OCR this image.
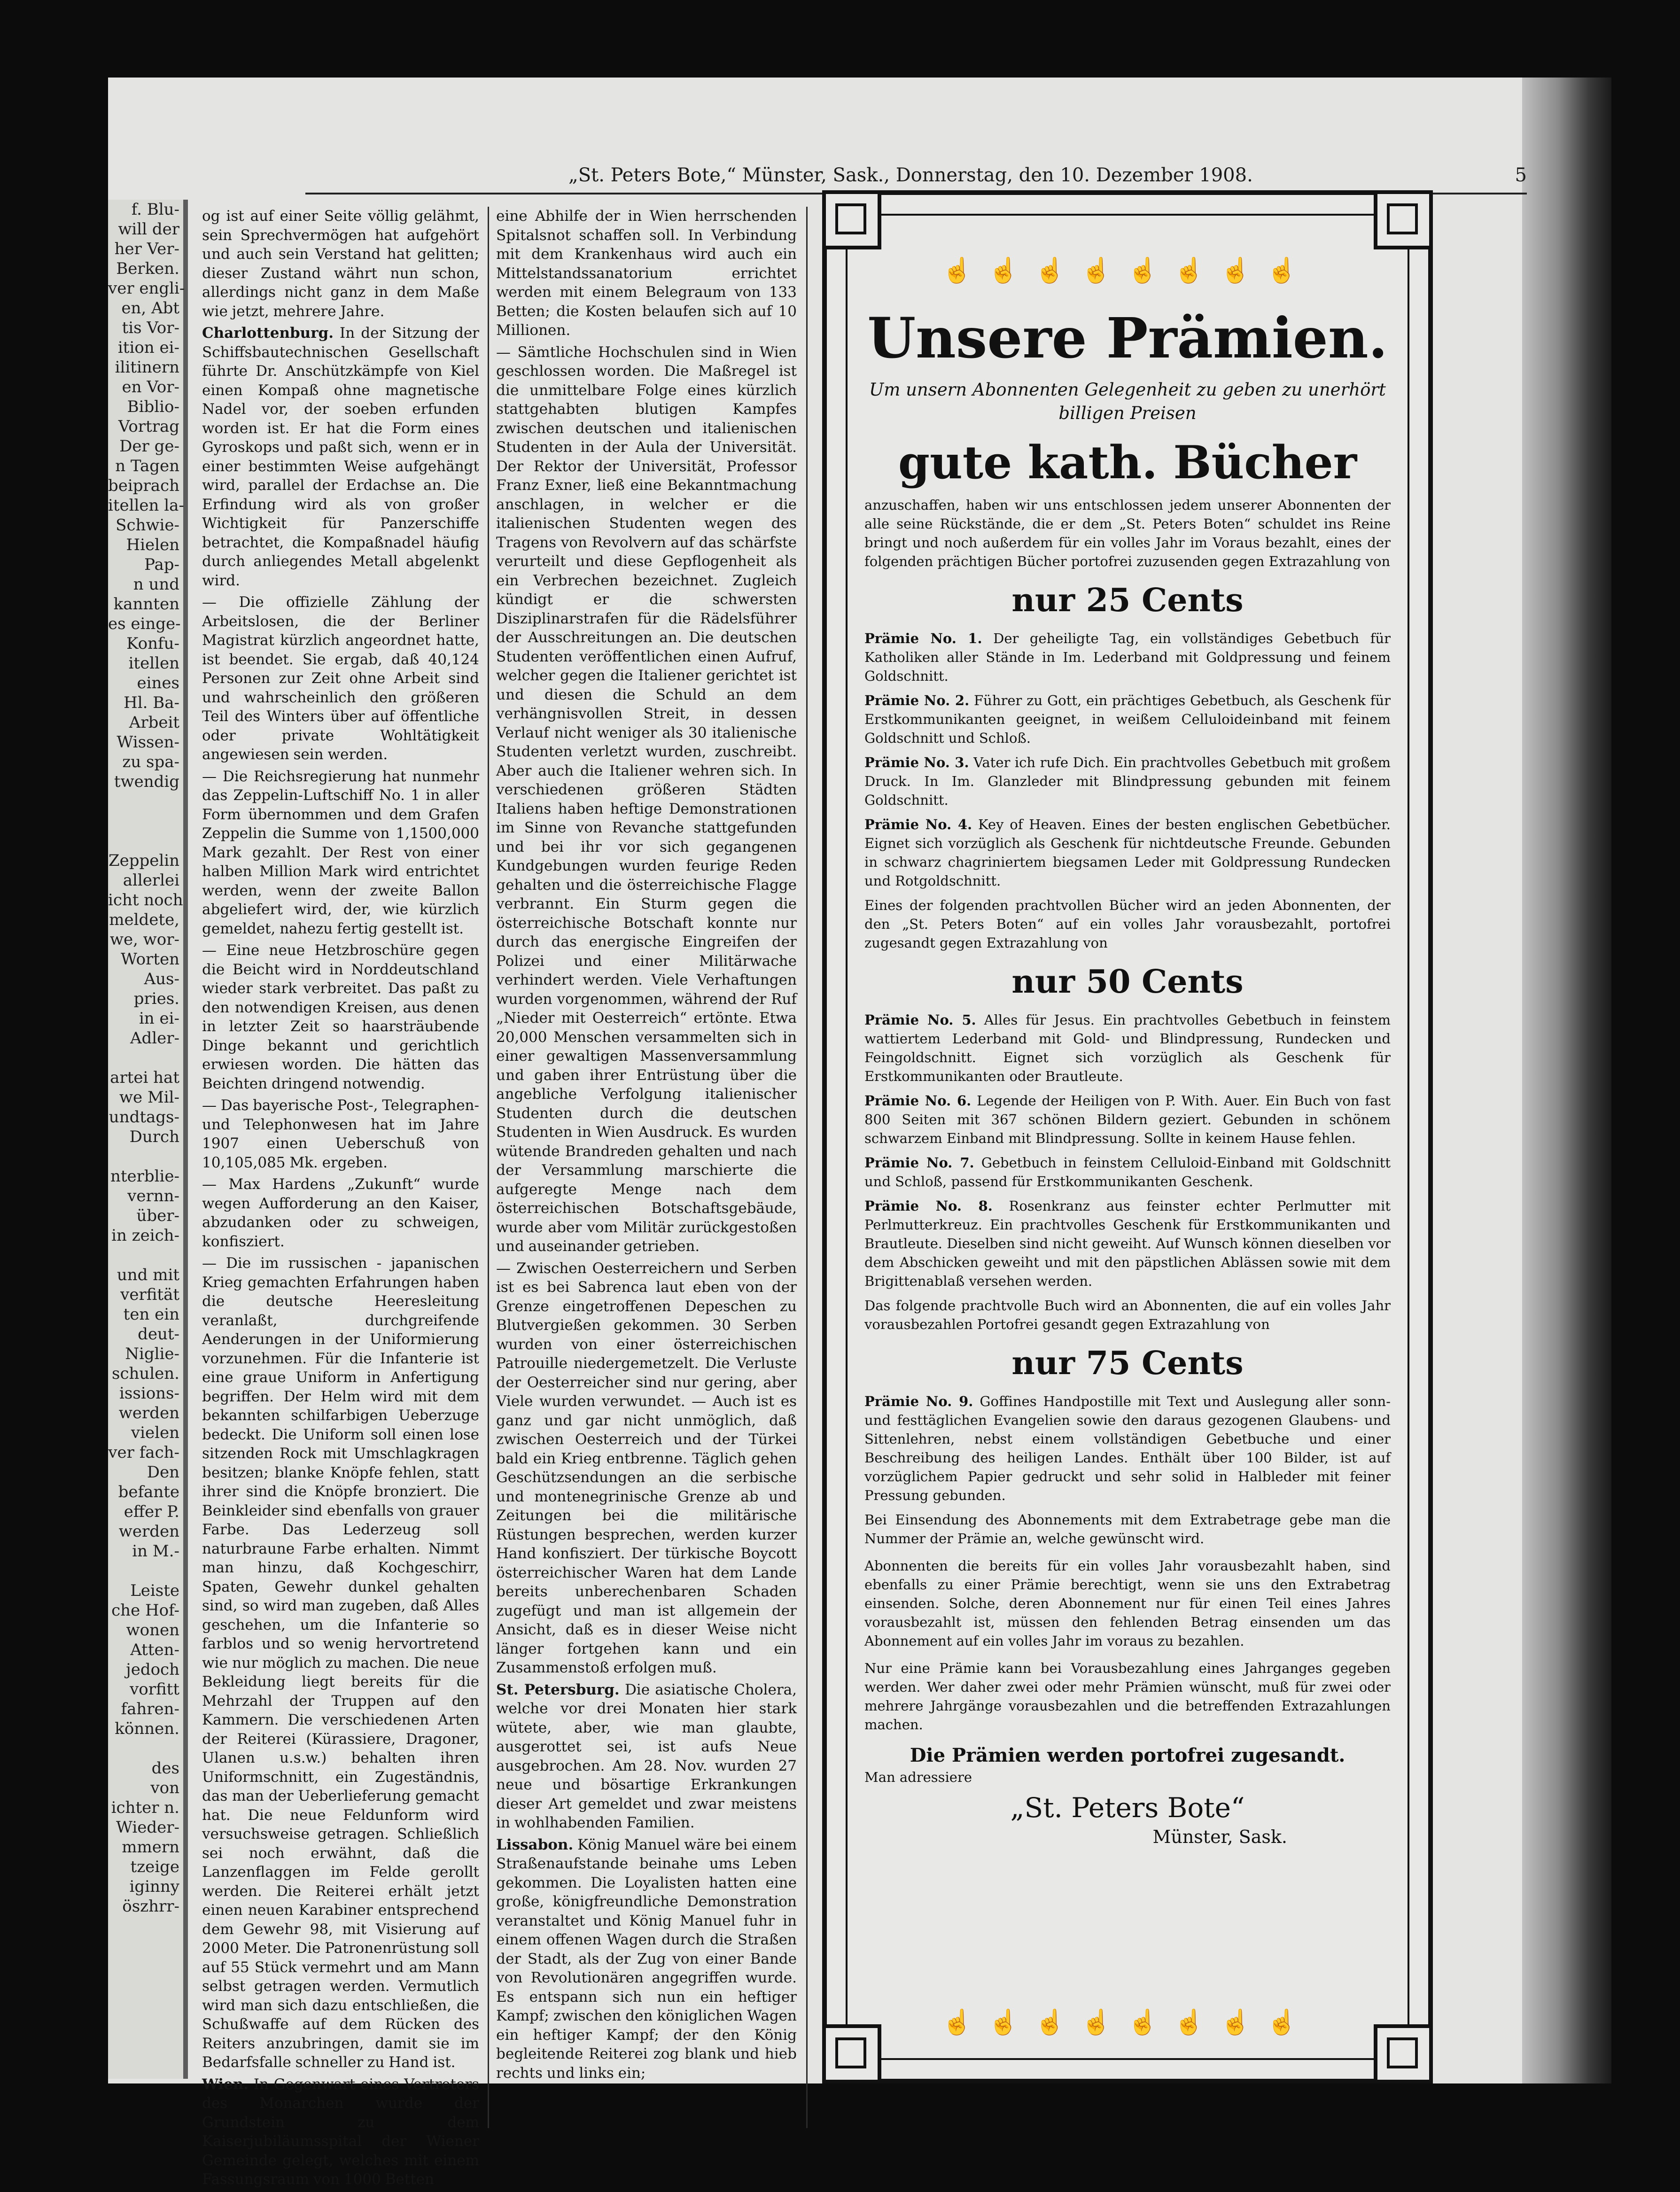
f. Blu-
will der
her Ver-
Berken.
ver engli-
en, Abt
tis Vor-
ition ei-
ilitinern
en Vor-
Biblio-
Vortrag
Der ge-
n Tagen
beiprach
itellen la-
Schwie-
Hielen
Pap-
n und
kannten
es einge-
Konfu-
itellen
eines
Hl. Ba-
Arbeit
Wissen-
zu spa-
twendig

Zeppelin
allerlei
icht noch
meldete,
we, wor-
Worten
Aus-
pries.
in ei-
Adler-

artei hat
we Mil-
undtags-
Durch

nterblie-
vernn-
über-
in zeich-

und mit
verfität
ten ein
deut-
Niglie-
schulen.
issions-
werden
vielen
ver fach-
Den
befante
effer P.
werden
in M.-

Leiste
che Hof-
wonen
Atten-
jedoch
vorfitt
fahren-
können.

des
von
ichter n.
Wieder-
mmern
tzeige
iginny
öszhrr-
„St. Peters Bote,“ Münster, Sask., Donnerstag, den 10. Dezember 1908.	5

og ist auf einer Seite völlig gelähmt, sein Sprechvermögen hat aufgehört und auch sein Verstand hat gelitten; dieser Zustand währt nun schon, allerdings nicht ganz in dem Maße wie jetzt, mehrere Jahre.

Charlottenburg. In der Sitzung der Schiffsbautechnischen Gesellschaft führte Dr. Anschützkämpfe von Kiel einen Kompaß ohne magnetische Nadel vor, der soeben erfunden worden ist. Er hat die Form eines Gyroskops und paßt sich, wenn er in einer bestimmten Weise aufgehängt wird, parallel der Erdachse an. Die Erfindung wird als von großer Wichtigkeit für Panzerschiffe betrachtet, die Kompaßnadel häufig durch anliegendes Metall abgelenkt wird.

— Die offizielle Zählung der Arbeitslosen, die der Berliner Magistrat kürzlich angeordnet hatte, ist beendet. Sie ergab, daß 40,124 Personen zur Zeit ohne Arbeit sind und wahrscheinlich den größeren Teil des Winters über auf öffentliche oder private Wohltätigkeit angewiesen sein werden.

— Die Reichsregierung hat nunmehr das Zeppelin-Luftschiff No. 1 in aller Form übernommen und dem Grafen Zeppelin die Summe von 1,1500,000 Mark gezahlt. Der Rest von einer halben Million Mark wird entrichtet werden, wenn der zweite Ballon abgeliefert wird, der, wie kürzlich gemeldet, nahezu fertig gestellt ist.

— Eine neue Hetzbroschüre gegen die Beicht wird in Norddeutschland wieder stark verbreitet. Das paßt zu den notwendigen Kreisen, aus denen in letzter Zeit so haarsträubende Dinge bekannt und gerichtlich erwiesen worden. Die hätten das Beichten dringend notwendig.

— Das bayerische Post-, Telegraphen- und Telephonwesen hat im Jahre 1907 einen Ueberschuß von 10,105,085 Mk. ergeben.

— Max Hardens „Zukunft“ wurde wegen Aufforderung an den Kaiser, abzudanken oder zu schweigen, konfisziert.

— Die im russischen - japanischen Krieg gemachten Erfahrungen haben die deutsche Heeresleitung veranlaßt, durchgreifende Aenderungen in der Uniformierung vorzunehmen. Für die Infanterie ist eine graue Uniform in Anfertigung begriffen. Der Helm wird mit dem bekannten schilfarbigen Ueberzuge bedeckt. Die Uniform soll einen lose sitzenden Rock mit Umschlagkragen besitzen; blanke Knöpfe fehlen, statt ihrer sind die Knöpfe bronziert. Die Beinkleider sind ebenfalls von grauer Farbe. Das Lederzeug soll naturbraune Farbe erhalten. Nimmt man hinzu, daß Kochgeschirr, Spaten, Gewehr dunkel gehalten sind, so wird man zugeben, daß Alles geschehen, um die Infanterie so farblos und so wenig hervortretend wie nur möglich zu machen. Die neue Bekleidung liegt bereits für die Mehrzahl der Truppen auf den Kammern. Die verschiedenen Arten der Reiterei (Kürassiere, Dragoner, Ulanen u.s.w.) behalten ihren Uniformschnitt, ein Zugeständnis, das man der Ueberlieferung gemacht hat. Die neue Feldunform wird versuchsweise getragen. Schließlich sei noch erwähnt, daß die Lanzenflaggen im Felde gerollt werden. Die Reiterei erhält jetzt einen neuen Karabiner entsprechend dem Gewehr 98, mit Visierung auf 2000 Meter. Die Patronenrüstung soll auf 55 Stück vermehrt und am Mann selbst getragen werden. Vermutlich wird man sich dazu entschließen, die Schußwaffe auf dem Rücken des Reiters anzubringen, damit sie im Bedarfsfalle schneller zu Hand ist.

Wien. In Gegenwart eines Vertreters des Monarchen wurde der Grundstein zu dem Kaiserjubiläumsspital der Wiener Gemeinde gelegt, welches mit einem Fassungsraum von 1000 Betten

eine Abhilfe der in Wien herrschenden Spitalsnot schaffen soll. In Verbindung mit dem Krankenhaus wird auch ein Mittelstandssanatorium errichtet werden mit einem Belegraum von 133 Betten; die Kosten belaufen sich auf 10 Millionen.

— Sämtliche Hochschulen sind in Wien geschlossen worden. Die Maßregel ist die unmittelbare Folge eines kürzlich stattgehabten blutigen Kampfes zwischen deutschen und italienischen Studenten in der Aula der Universität. Der Rektor der Universität, Professor Franz Exner, ließ eine Bekanntmachung anschlagen, in welcher er die italienischen Studenten wegen des Tragens von Revolvern auf das schärfste verurteilt und diese Gepflogenheit als ein Verbrechen bezeichnet. Zugleich kündigt er die schwersten Disziplinarstrafen für die Rädelsführer der Ausschreitungen an. Die deutschen Studenten veröffentlichen einen Aufruf, welcher gegen die Italiener gerichtet ist und diesen die Schuld an dem verhängnisvollen Streit, in dessen Verlauf nicht weniger als 30 italienische Studenten verletzt wurden, zuschreibt. Aber auch die Italiener wehren sich. In verschiedenen größeren Städten Italiens haben heftige Demonstrationen im Sinne von Revanche stattgefunden und bei ihr vor sich gegangenen Kundgebungen wurden feurige Reden gehalten und die österreichische Flagge verbrannt. Ein Sturm gegen die österreichische Botschaft konnte nur durch das energische Eingreifen der Polizei und einer Militärwache verhindert werden. Viele Verhaftungen wurden vorgenommen, während der Ruf „Nieder mit Oesterreich“ ertönte. Etwa 20,000 Menschen versammelten sich in einer gewaltigen Massenversammlung und gaben ihrer Entrüstung über die angebliche Verfolgung italienischer Studenten durch die deutschen Studenten in Wien Ausdruck. Es wurden wütende Brandreden gehalten und nach der Versammlung marschierte die aufgeregte Menge nach dem österreichischen Botschaftsgebäude, wurde aber vom Militär zurückgestoßen und auseinander getrieben.

— Zwischen Oesterreichern und Serben ist es bei Sabrenca laut eben von der Grenze eingetroffenen Depeschen zu Blutvergießen gekommen. 30 Serben wurden von einer österreichischen Patrouille niedergemetzelt. Die Verluste der Oesterreicher sind nur gering, aber Viele wurden verwundet. — Auch ist es ganz und gar nicht unmöglich, daß zwischen Oesterreich und der Türkei bald ein Krieg entbrenne. Täglich gehen Geschützsendungen an die serbische und montenegrinische Grenze ab und Zeitungen bei die militärische Rüstungen besprechen, werden kurzer Hand konfisziert. Der türkische Boycott österreichischer Waren hat dem Lande bereits unberechenbaren Schaden zugefügt und man ist allgemein der Ansicht, daß es in dieser Weise nicht länger fortgehen kann und ein Zusammenstoß erfolgen muß.

St. Petersburg. Die asiatische Cholera, welche vor drei Monaten hier stark wütete, aber, wie man glaubte, ausgerottet sei, ist aufs Neue ausgebrochen. Am 28. Nov. wurden 27 neue und bösartige Erkrankungen dieser Art gemeldet und zwar meistens in wohlhabenden Familien.

Lissabon. König Manuel wäre bei einem Straßenaufstande beinahe ums Leben gekommen. Die Loyalisten hatten eine große, königfreundliche Demonstration veranstaltet und König Manuel fuhr in einem offenen Wagen durch die Straßen der Stadt, als der Zug von einer Bande von Revolutionären angegriffen wurde. Es entspann sich nun ein heftiger Kampf; zwischen den königlichen Wagen ein heftiger Kampf; der den König begleitende Reiterei zog blank und hieb rechts und links ein;

☝☝☝☝☝☝☝☝
☝☝☝☝☝☝☝☝

Unsere Prämien.

Um unsern Abonnenten Gelegenheit zu geben zu unerhört billigen Preisen

gute kath. Bücher

anzuschaffen, haben wir uns entschlossen jedem unserer Abonnenten der alle seine Rückstände, die er dem „St. Peters Boten“ schuldet ins Reine bringt und noch außerdem für ein volles Jahr im Voraus bezahlt, eines der folgenden prächtigen Bücher portofrei zuzusenden gegen Extrazahlung von

nur 25 Cents

Prämie No. 1. Der geheiligte Tag, ein vollständiges Gebetbuch für Katholiken aller Stände in Im. Lederband mit Goldpressung und feinem Goldschnitt.

Prämie No. 2. Führer zu Gott, ein prächtiges Gebetbuch, als Geschenk für Erstkommunikanten geeignet, in weißem Celluloideinband mit feinem Goldschnitt und Schloß.

Prämie No. 3. Vater ich rufe Dich. Ein prachtvolles Gebetbuch mit großem Druck. In Im. Glanzleder mit Blindpressung gebunden mit feinem Goldschnitt.

Prämie No. 4. Key of Heaven. Eines der besten englischen Gebetbücher. Eignet sich vorzüglich als Geschenk für nichtdeutsche Freunde. Gebunden in schwarz chagriniertem biegsamen Leder mit Goldpressung Rundecken und Rotgoldschnitt.

Eines der folgenden prachtvollen Bücher wird an jeden Abonnenten, der den „St. Peters Boten“ auf ein volles Jahr vorausbezahlt, portofrei zugesandt gegen Extrazahlung von

nur 50 Cents

Prämie No. 5. Alles für Jesus. Ein prachtvolles Gebetbuch in feinstem wattiertem Lederband mit Gold- und Blindpressung, Rundecken und Feingoldschnitt. Eignet sich vorzüglich als Geschenk für Erstkommunikanten oder Brautleute.

Prämie No. 6. Legende der Heiligen von P. With. Auer. Ein Buch von fast 800 Seiten mit 367 schönen Bildern geziert. Gebunden in schönem schwarzem Einband mit Blindpressung. Sollte in keinem Hause fehlen.

Prämie No. 7. Gebetbuch in feinstem Celluloid-Einband mit Goldschnitt und Schloß, passend für Erstkommunikanten Geschenk.

Prämie No. 8. Rosenkranz aus feinster echter Perlmutter mit Perlmutterkreuz. Ein prachtvolles Geschenk für Erstkommunikanten und Brautleute. Dieselben sind nicht geweiht. Auf Wunsch können dieselben vor dem Abschicken geweiht und mit den päpstlichen Ablässen sowie mit dem Brigittenablaß versehen werden.

Das folgende prachtvolle Buch wird an Abonnenten, die auf ein volles Jahr vorausbezahlen Portofrei gesandt gegen Extrazahlung von

nur 75 Cents

Prämie No. 9. Goffines Handpostille mit Text und Auslegung aller sonn- und festtäglichen Evangelien sowie den daraus gezogenen Glaubens- und Sittenlehren, nebst einem vollständigen Gebetbuche und einer Beschreibung des heiligen Landes. Enthält über 100 Bilder, ist auf vorzüglichem Papier gedruckt und sehr solid in Halbleder mit feiner Pressung gebunden.

Bei Einsendung des Abonnements mit dem Extrabetrage gebe man die Nummer der Prämie an, welche gewünscht wird.

Abonnenten die bereits für ein volles Jahr vorausbezahlt haben, sind ebenfalls zu einer Prämie berechtigt, wenn sie uns den Extrabetrag einsenden. Solche, deren Abonnement nur für einen Teil eines Jahres vorausbezahlt ist, müssen den fehlenden Betrag einsenden um das Abonnement auf ein volles Jahr im voraus zu bezahlen.

Nur eine Prämie kann bei Vorausbezahlung eines Jahrganges gegeben werden. Wer daher zwei oder mehr Prämien wünscht, muß für zwei oder mehrere Jahrgänge vorausbezahlen und die betreffenden Extrazahlungen machen.

Die Prämien werden portofrei zugesandt.

Man adressiere

„St. Peters Bote“

Münster, Sask.
